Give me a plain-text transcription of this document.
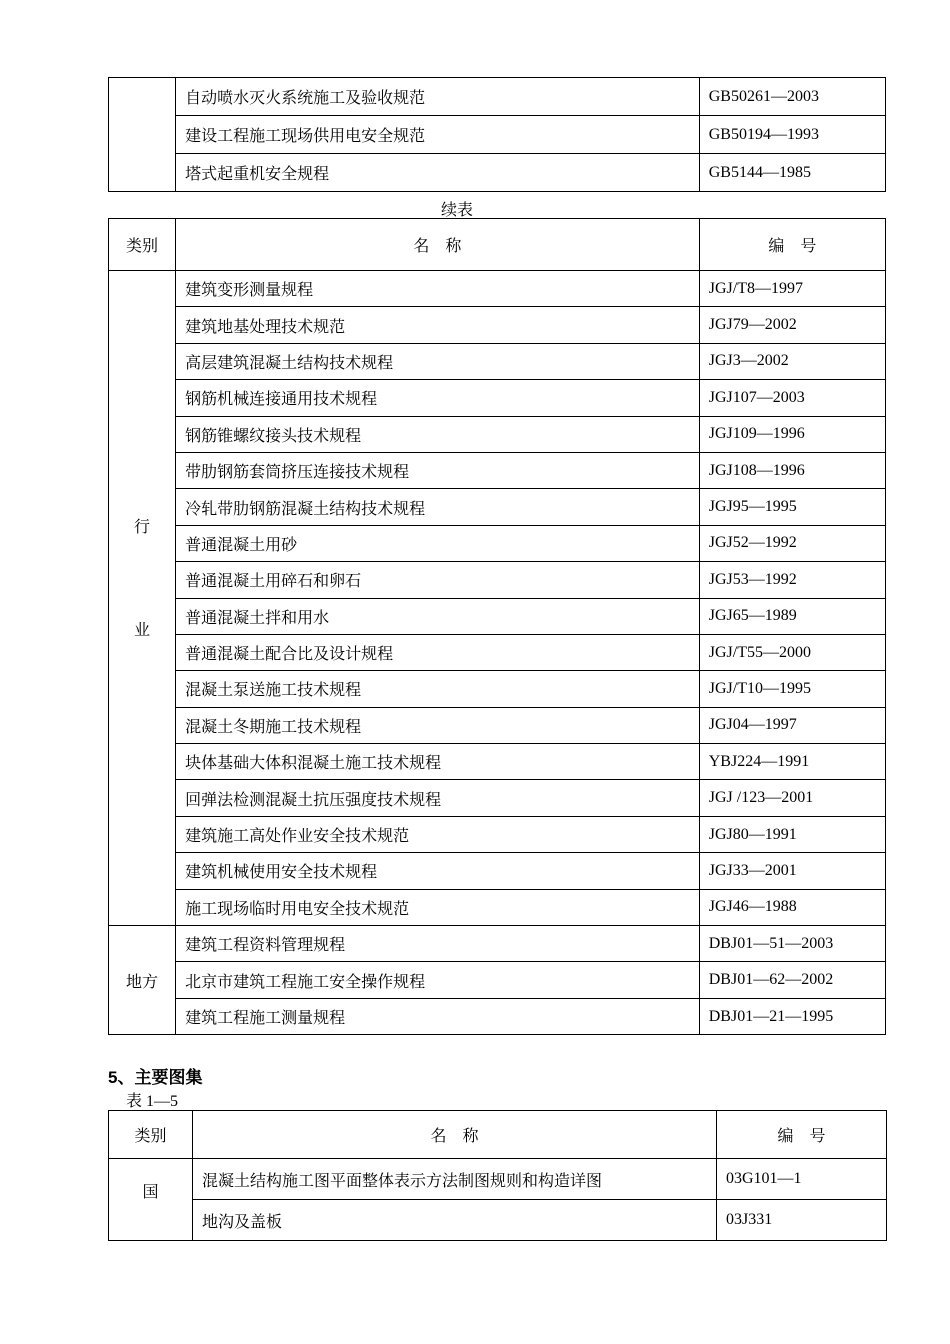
	自动喷水灭火系统施工及验收规范	GB50261—2003
	建设工程施工现场供用电安全规范	GB50194—1993
	塔式起重机安全规程	GB5144—1985
续表
类别	名　称	编　号

行
业	建筑变形测量规程	JGJ/T8—1997
	建筑地基处理技术规范	JGJ79—2002
	高层建筑混凝土结构技术规程	JGJ3—2002
	钢筋机械连接通用技术规程	JGJ107—2003
	钢筋锥螺纹接头技术规程	JGJ109—1996
	带肋钢筋套筒挤压连接技术规程	JGJ108—1996
	冷轧带肋钢筋混凝土结构技术规程	JGJ95—1995
	普通混凝土用砂	JGJ52—1992
	普通混凝土用碎石和卵石	JGJ53—1992
	普通混凝土拌和用水	JGJ65—1989
	普通混凝土配合比及设计规程	JGJ/T55—2000
	混凝土泵送施工技术规程	JGJ/T10—1995
	混凝土冬期施工技术规程	JGJ04—1997
	块体基础大体积混凝土施工技术规程	YBJ224—1991
	回弹法检测混凝土抗压强度技术规程	JGJ /123—2001
	建筑施工高处作业安全技术规范	JGJ80—1991
	建筑机械使用安全技术规程	JGJ33—2001
	施工现场临时用电安全技术规范	JGJ46—1988
地方	建筑工程资料管理规程	DBJ01—51—2003
	北京市建筑工程施工安全操作规程	DBJ01—62—2002
	建筑工程施工测量规程	DBJ01—21—1995
5、主要图集
表 1—5
类别	名　称	编　号
国	混凝土结构施工图平面整体表示方法制图规则和构造详图	03G101—1
	地沟及盖板	03J331
